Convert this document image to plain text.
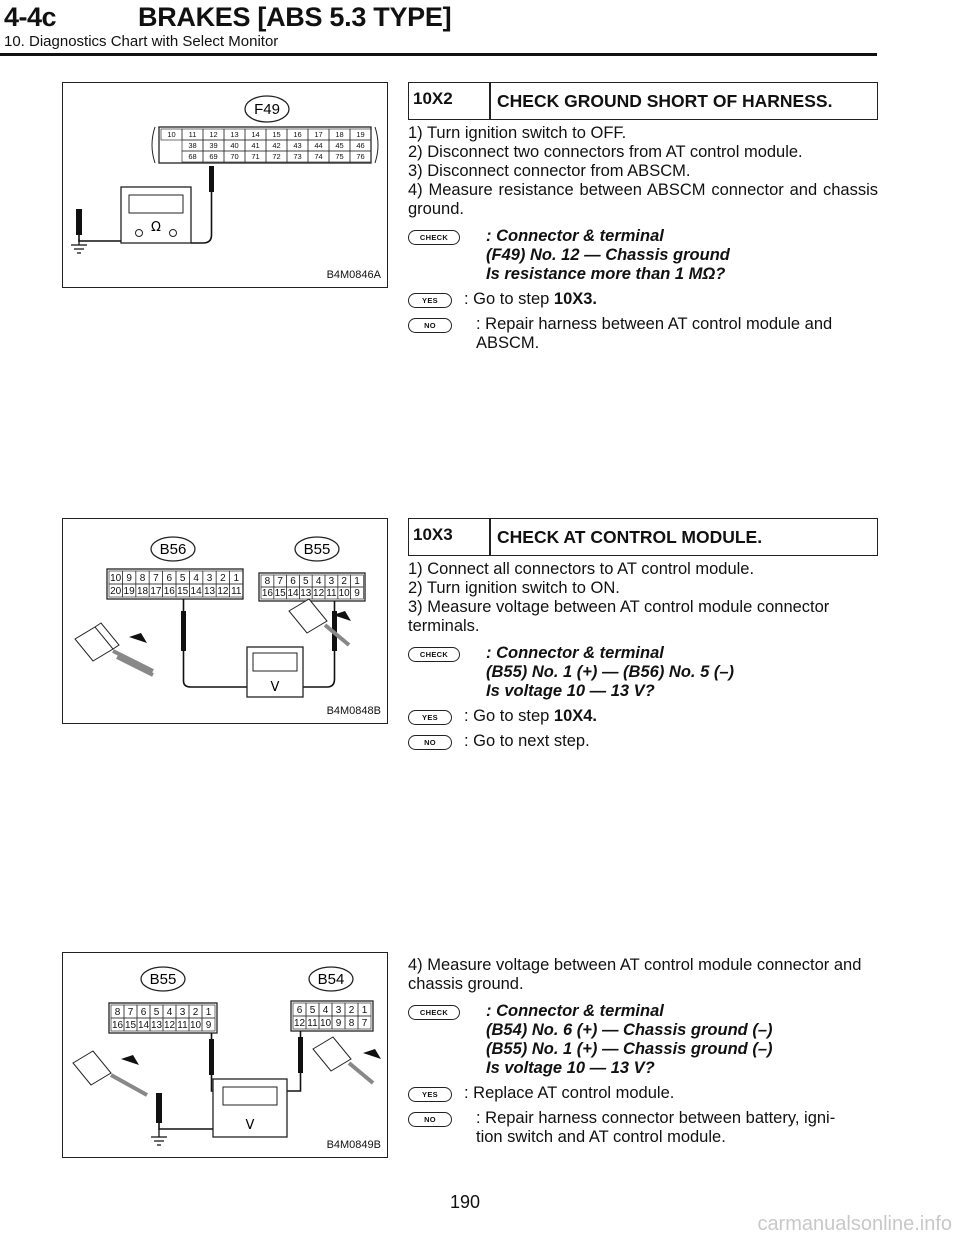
4-4c	BRAKES [ABS 5.3 TYPE]
10. Diagnostics Chart with Select Monitor
F49
10 11 12 13 14 15 16 17 18 19
38 39 40 41 42 43 44 45 46
68 69 70 71 72 73 74 75 76
Ω
B4M0846A
10X2	CHECK GROUND SHORT OF HARNESS.

1) Turn ignition switch to OFF.

2) Disconnect two connectors from AT control module.

3) Disconnect connector from ABSCM.

4) Measure resistance between ABSCM connector and chassis ground.

CHECK	: Connector & terminal
(F49) No. 12 — Chassis ground
Is resistance more than 1 MΩ?
YES	: Go to step 10X3.
NO	: Repair harness between AT control module and
ABSCM.
B56	B55
10 9 8 7 6 5 4 3 2 1
20 19 18 17 16 15 14 13 12 11
8 7 6 5 4 3 2 1
16 15 14 13 12 11 10 9
V
B4M0848B
10X3	CHECK AT CONTROL MODULE.

1) Connect all connectors to AT control module.

2) Turn ignition switch to ON.

3) Measure voltage between AT control module connector terminals.

CHECK	: Connector & terminal
(B55) No. 1 (+) — (B56) No. 5 (–)
Is voltage 10 — 13 V?
YES	: Go to step 10X4.
NO	: Go to next step.
B55	B54
8 7 6 5 4 3 2 1
16 15 14 13 12 11 10 9
6 5 4 3 2 1
12 11 10 9 8 7
V
B4M0849B

4) Measure voltage between AT control module connector and chassis ground.

CHECK	: Connector & terminal
(B54) No. 6 (+) — Chassis ground (–)
(B55) No. 1 (+) — Chassis ground (–)
Is voltage 10 — 13 V?
YES	: Replace AT control module.
NO	: Repair harness connector between battery, igni-
tion switch and AT control module.
190
carmanualsonline.info
